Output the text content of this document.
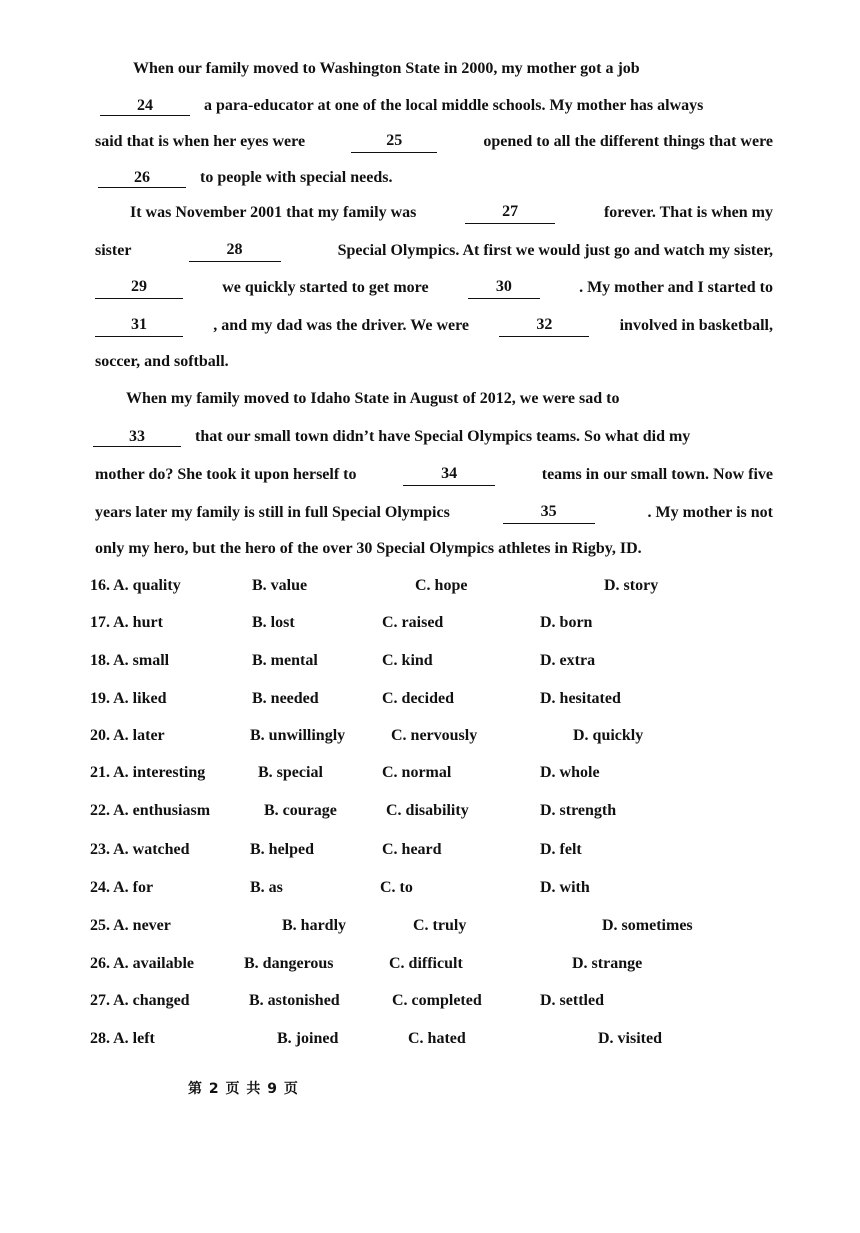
When our family moved to Washington State in 2000, my mother got a job
24	a para-educator at one of the local middle schools. My mother has always
said that is when her eyes were	25	opened to all the different things that were
26	to people with special needs.
It was November 2001 that my family was	27	forever. That is when my
sister	28	Special Olympics. At first we would just go and watch my sister,
29	we quickly started to get more	30	. My mother and I started to
31	, and my dad was the driver. We were	32	involved in basketball,
soccer, and softball.
When my family moved to Idaho State in August of 2012, we were sad to
33	that our small town didn’t have Special Olympics teams. So what did my
mother do? She took it upon herself to	34	teams in our small town. Now five
years later my family is still in full Special Olympics	35	. My mother is not
only my hero, but the hero of the over 30 Special Olympics athletes in Rigby, ID.
16. A. quality	B. value	C. hope	D. story
17. A. hurt	B. lost	C. raised	D. born
18. A. small	B. mental	C. kind	D. extra
19. A. liked	B. needed	C. decided	D. hesitated
20. A. later	B. unwillingly	C. nervously	D. quickly
21. A. interesting	B. special	C. normal	D. whole
22. A. enthusiasm	B. courage	C. disability	D. strength
23. A. watched	B. helped	C. heard	D. felt
24. A. for	B. as	C. to	D. with
25. A. never	B. hardly	C. truly	D. sometimes
26. A. available	B. dangerous	C. difficult	D. strange
27. A. changed	B. astonished	C. completed	D. settled
28. A. left	B. joined	C. hated	D. visited
第 2 页 共 9 页
